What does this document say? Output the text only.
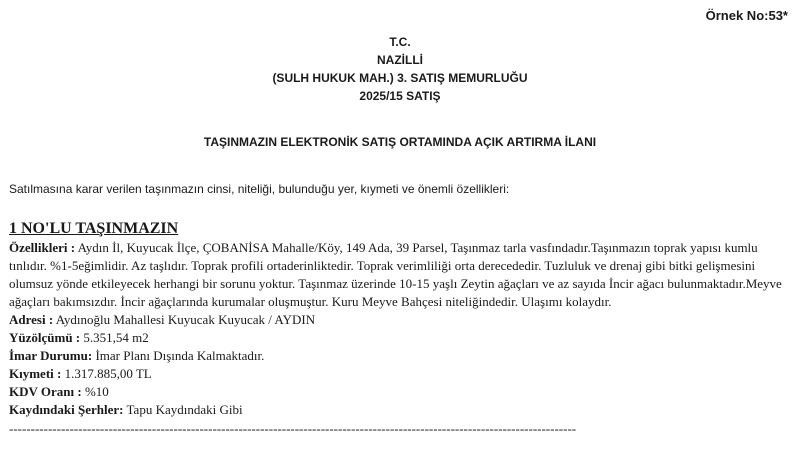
Örnek No:53*
T.C.
NAZİLLİ
(SULH HUKUK MAH.) 3. SATIŞ MEMURLUĞU
2025/15 SATIŞ
TAŞINMAZIN ELEKTRONİK SATIŞ ORTAMINDA AÇIK ARTIRMA İLANI
Satılmasına karar verilen taşınmazın cinsi, niteliği, bulunduğu yer, kıymeti ve önemli özellikleri:
1 NO'LU TAŞINMAZIN
Özellikleri : Aydın İl, Kuyucak İlçe, ÇOBANİSA Mahalle/Köy, 149 Ada, 39 Parsel, Taşınmaz tarla vasfındadır.Taşınmazın toprak yapısı kumlu tınlıdır. %1-5eğimlidir. Az taşlıdır. Toprak profili ortaderinliktedir. Toprak verimliliği orta derecededir. Tuzluluk ve drenaj gibi bitki gelişmesini olumsuz yönde etkileyecek herhangi bir sorunu yoktur. Taşınmaz üzerinde 10-15 yaşlı Zeytin ağaçları ve az sayıda İncir ağacı bulunmaktadır.Meyve ağaçları bakımsızdır. İncir ağaçlarında kurumalar oluşmuştur. Kuru Meyve Bahçesi niteliğindedir. Ulaşımı kolaydır.
Adresi : Aydınoğlu Mahallesi Kuyucak Kuyucak / AYDIN
Yüzölçümü : 5.351,54 m2
İmar Durumu: İmar Planı Dışında Kalmaktadır.
Kıymeti : 1.317.885,00 TL
KDV Oranı : %10
Kaydındaki Şerhler: Tapu Kaydındaki Gibi
-----------------------------------------------------------------------------------------------------------------------------------
